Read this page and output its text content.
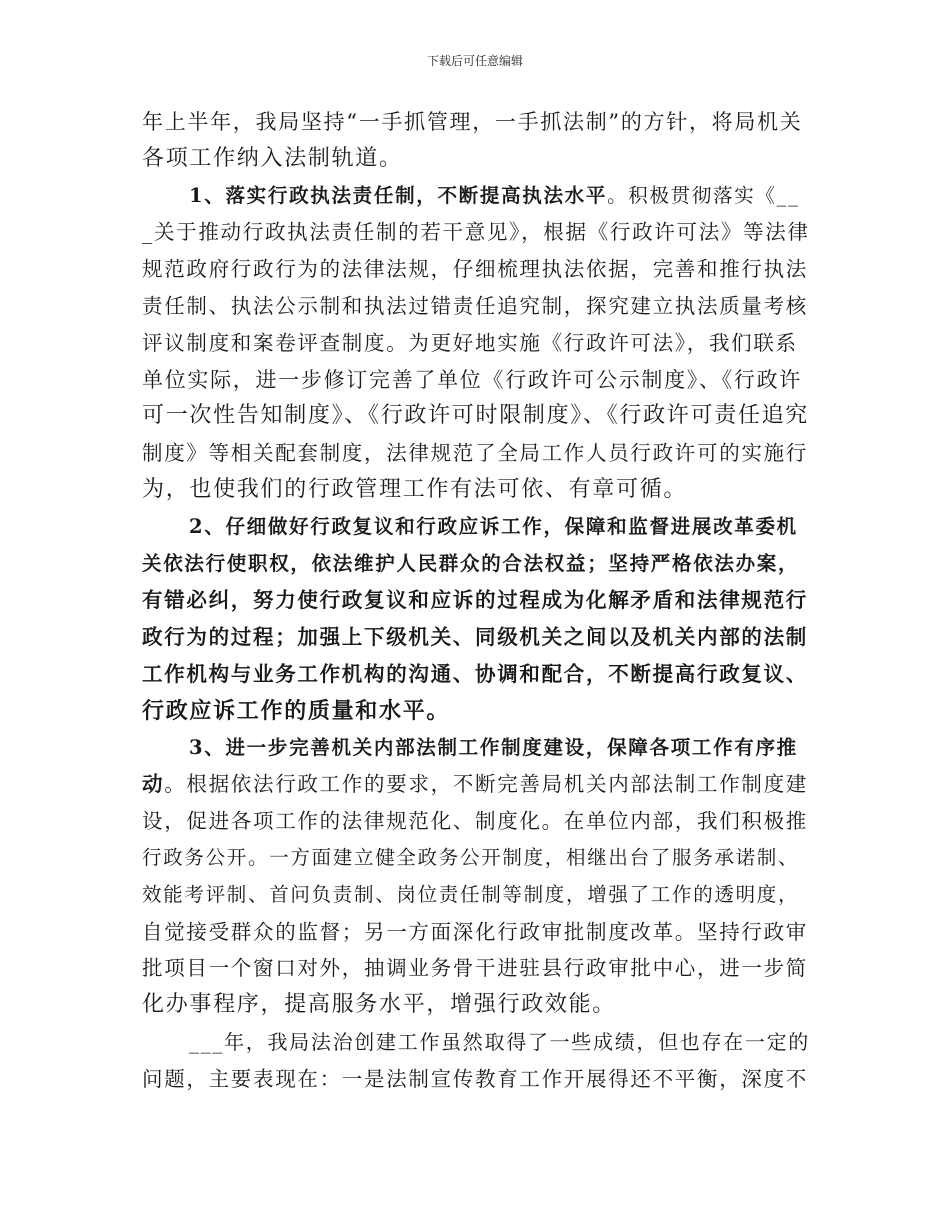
下载后可任意编辑

年上半年，我局坚持“一手抓管理，一手抓法制”的方针，将局机关
各项工作纳入法制轨道。

1、落实行政执法责任制，不断提高执法水平。积极贯彻落实《__
_关于推动行政执法责任制的若干意见》，根据《行政许可法》等法律
规范政府行政行为的法律法规，仔细梳理执法依据，完善和推行执法
责任制、执法公示制和执法过错责任追究制，探究建立执法质量考核
评议制度和案卷评查制度。为更好地实施《行政许可法》，我们联系
单位实际，进一步修订完善了单位《行政许可公示制度》、《行政许
可一次性告知制度》、《行政许可时限制度》、《行政许可责任追究
制度》等相关配套制度，法律规范了全局工作人员行政许可的实施行
为，也使我们的行政管理工作有法可依、有章可循。

2、仔细做好行政复议和行政应诉工作，保障和监督进展改革委机
关依法行使职权，依法维护人民群众的合法权益；坚持严格依法办案，
有错必纠，努力使行政复议和应诉的过程成为化解矛盾和法律规范行
政行为的过程；加强上下级机关、同级机关之间以及机关内部的法制
工作机构与业务工作机构的沟通、协调和配合，不断提高行政复议、
行政应诉工作的质量和水平。

3、进一步完善机关内部法制工作制度建设，保障各项工作有序推
动。根据依法行政工作的要求，不断完善局机关内部法制工作制度建
设，促进各项工作的法律规范化、制度化。在单位内部，我们积极推
行政务公开。一方面建立健全政务公开制度，相继出台了服务承诺制、
效能考评制、首问负责制、岗位责任制等制度，增强了工作的透明度，
自觉接受群众的监督；另一方面深化行政审批制度改革。坚持行政审
批项目一个窗口对外，抽调业务骨干进驻县行政审批中心，进一步简
化办事程序，提高服务水平，增强行政效能。

___年，我局法治创建工作虽然取得了一些成绩，但也存在一定的
问题，主要表现在：一是法制宣传教育工作开展得还不平衡，深度不
